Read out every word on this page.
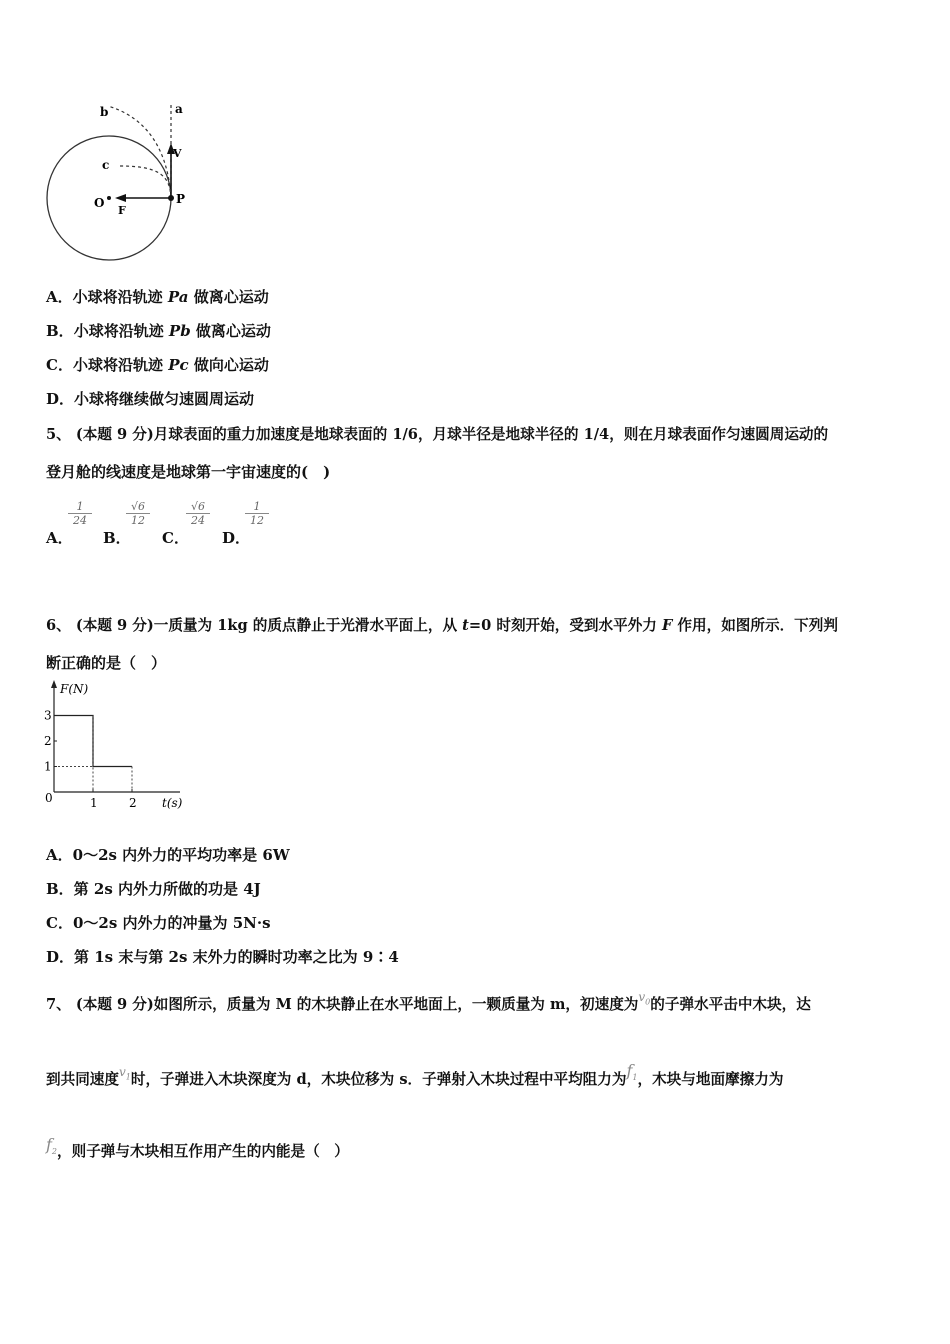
a
b
c
V
O
F
P
A．小球将沿轨迹 Pa 做离心运动
B．小球将沿轨迹 Pb 做离心运动
C．小球将沿轨迹 Pc 做向心运动
D．小球将继续做匀速圆周运动
5、 (本题 9 分)月球表面的重力加速度是地球表面的 1/6，月球半径是地球半径的 1/4，则在月球表面作匀速圆周运动的
登月舱的线速度是地球第一宇宙速度的(　)
A．
$\frac{1}{24}$
B．
$\frac{√6}{12}$
C．
$\frac{√6}{24}$
D．
$\frac{1}{12}$
6、 (本题 9 分)一质量为 1kg 的质点静止于光滑水平面上，从 t=0 时刻开始，受到水平外力 F 作用，如图所示．下列判
断正确的是（　）
F(N)
t(s)
0	1	2
1
2
3
A．0～2s 内外力的平均功率是 6W
B．第 2s 内外力所做的功是 4J
C．0～2s 内外力的冲量为 5N·s
D．第 1s 末与第 2s 末外力的瞬时功率之比为 9∶4
7、 (本题 9 分)如图所示，质量为 M 的木块静止在水平地面上，一颗质量为 m，初速度为$^{v_0}$的子弹水平击中木块，达
到共同速度$^{v_1}$时，子弹进入木块深度为 d，木块位移为 s．子弹射入木块过程中平均阻力为$f_1$，木块与地面摩擦力为
$f_2$，则子弹与木块相互作用产生的内能是（　）
